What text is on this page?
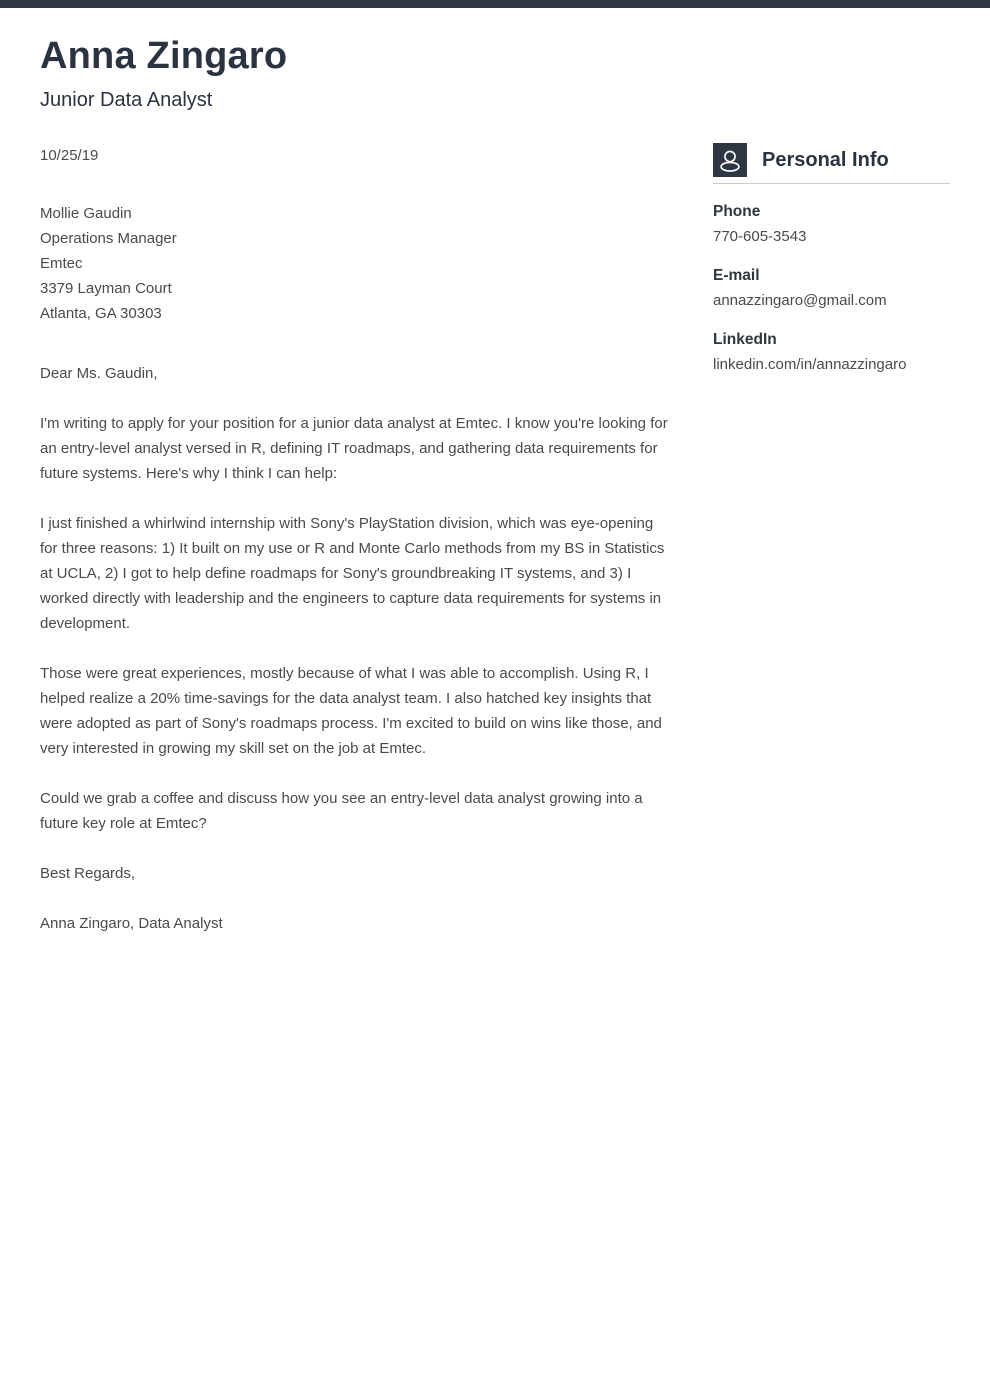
Anna Zingaro
Junior Data Analyst
10/25/19
Mollie Gaudin
Operations Manager
Emtec
3379 Layman Court
Atlanta, GA 30303

Dear Ms. Gaudin,

I'm writing to apply for your position for a junior data analyst at Emtec. I know you're looking for an entry-level analyst versed in R, defining IT roadmaps, and gathering data requirements for future systems. Here's why I think I can help:

I just finished a whirlwind internship with Sony's PlayStation division, which was eye-opening for three reasons: 1) It built on my use or R and Monte Carlo methods from my BS in Statistics at UCLA, 2) I got to help define roadmaps for Sony's groundbreaking IT systems, and 3) I worked directly with leadership and the engineers to capture data requirements for systems in development.

Those were great experiences, mostly because of what I was able to accomplish. Using R, I helped realize a 20% time-savings for the data analyst team. I also hatched key insights that were adopted as part of Sony's roadmaps process. I'm excited to build on wins like those, and very interested in growing my skill set on the job at Emtec.

Could we grab a coffee and discuss how you see an entry-level data analyst growing into a future key role at Emtec?

Best Regards,

Anna Zingaro, Data Analyst

Personal Info
Phone
770-605-3543
E-mail
annazzingaro@gmail.com
LinkedIn
linkedin.com/in/annazzingaro
